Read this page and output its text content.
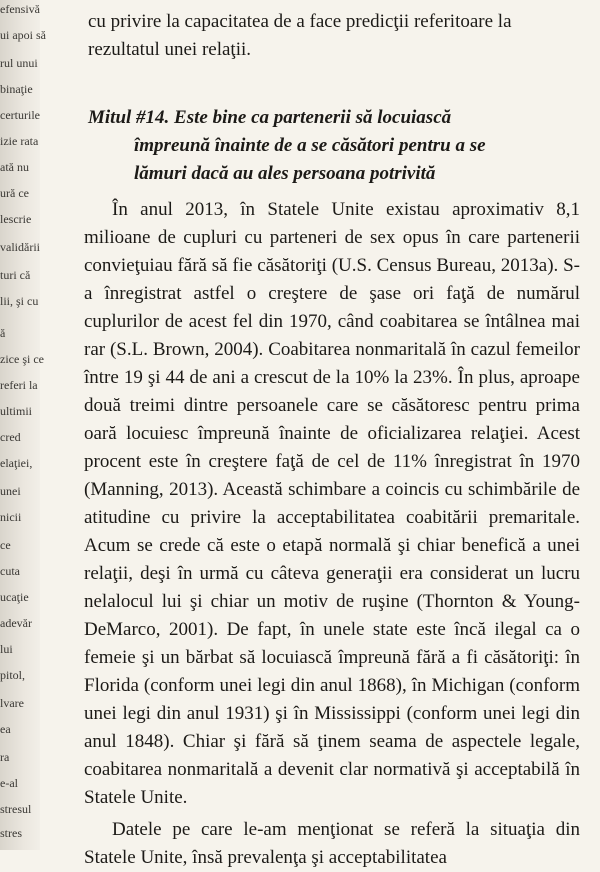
efensivă
ui apoi să
rul unui
binaţie
certurile
izie rata
ată nu
ură ce
lescrie
validării
turi că
lii, şi cu
ă
zice şi ce
referi la
ultimii
cred
elaţiei,
unei
nicii
ce
cuta
ucaţie
adevăr
lui
pitol,
lvare
ea
ra
e-al
stresul
stres

cu privire la capacitatea de a face predicţii referitoare la rezultatul unei relaţii.

Mitul #14. Este bine ca partenerii să locuiască
împreună înainte de a se căsători pentru a se
lămuri dacă au ales persoana potrivită

În anul 2013, în Statele Unite existau aproximativ 8,1 milioane de cupluri cu parteneri de sex opus în care partenerii convieţuiau fără să fie căsătoriţi (U.S. Census Bureau, 2013a). S-a înregistrat astfel o creştere de şase ori faţă de numărul cuplurilor de acest fel din 1970, când coabitarea se întâlnea mai rar (S.L. Brown, 2004). Coabitarea nonmaritală în cazul femeilor între 19 şi 44 de ani a crescut de la 10% la 23%. În plus, aproape două treimi dintre persoanele care se căsătoresc pentru prima oară locuiesc împreună înainte de oficializarea relaţiei. Acest procent este în creştere faţă de cel de 11% înregistrat în 1970 (Manning, 2013). Această schimbare a coincis cu schimbările de atitudine cu privire la acceptabilitatea coabitării premaritale. Acum se crede că este o etapă normală şi chiar benefică a unei relaţii, deşi în urmă cu câteva generaţii era considerat un lucru nelalocul lui şi chiar un motiv de ruşine (Thornton & Young-DeMarco, 2001). De fapt, în unele state este încă ilegal ca o femeie şi un bărbat să locuiască împreună fără a fi căsătoriţi: în Florida (conform unei legi din anul 1868), în Michigan (conform unei legi din anul 1931) şi în Mississippi (conform unei legi din anul 1848). Chiar şi fără să ţinem seama de aspectele legale, coabitarea nonmaritală a devenit clar normativă şi acceptabilă în Statele Unite.

Datele pe care le-am menţionat se referă la situaţia din Statele Unite, însă prevalenţa şi acceptabilitatea
